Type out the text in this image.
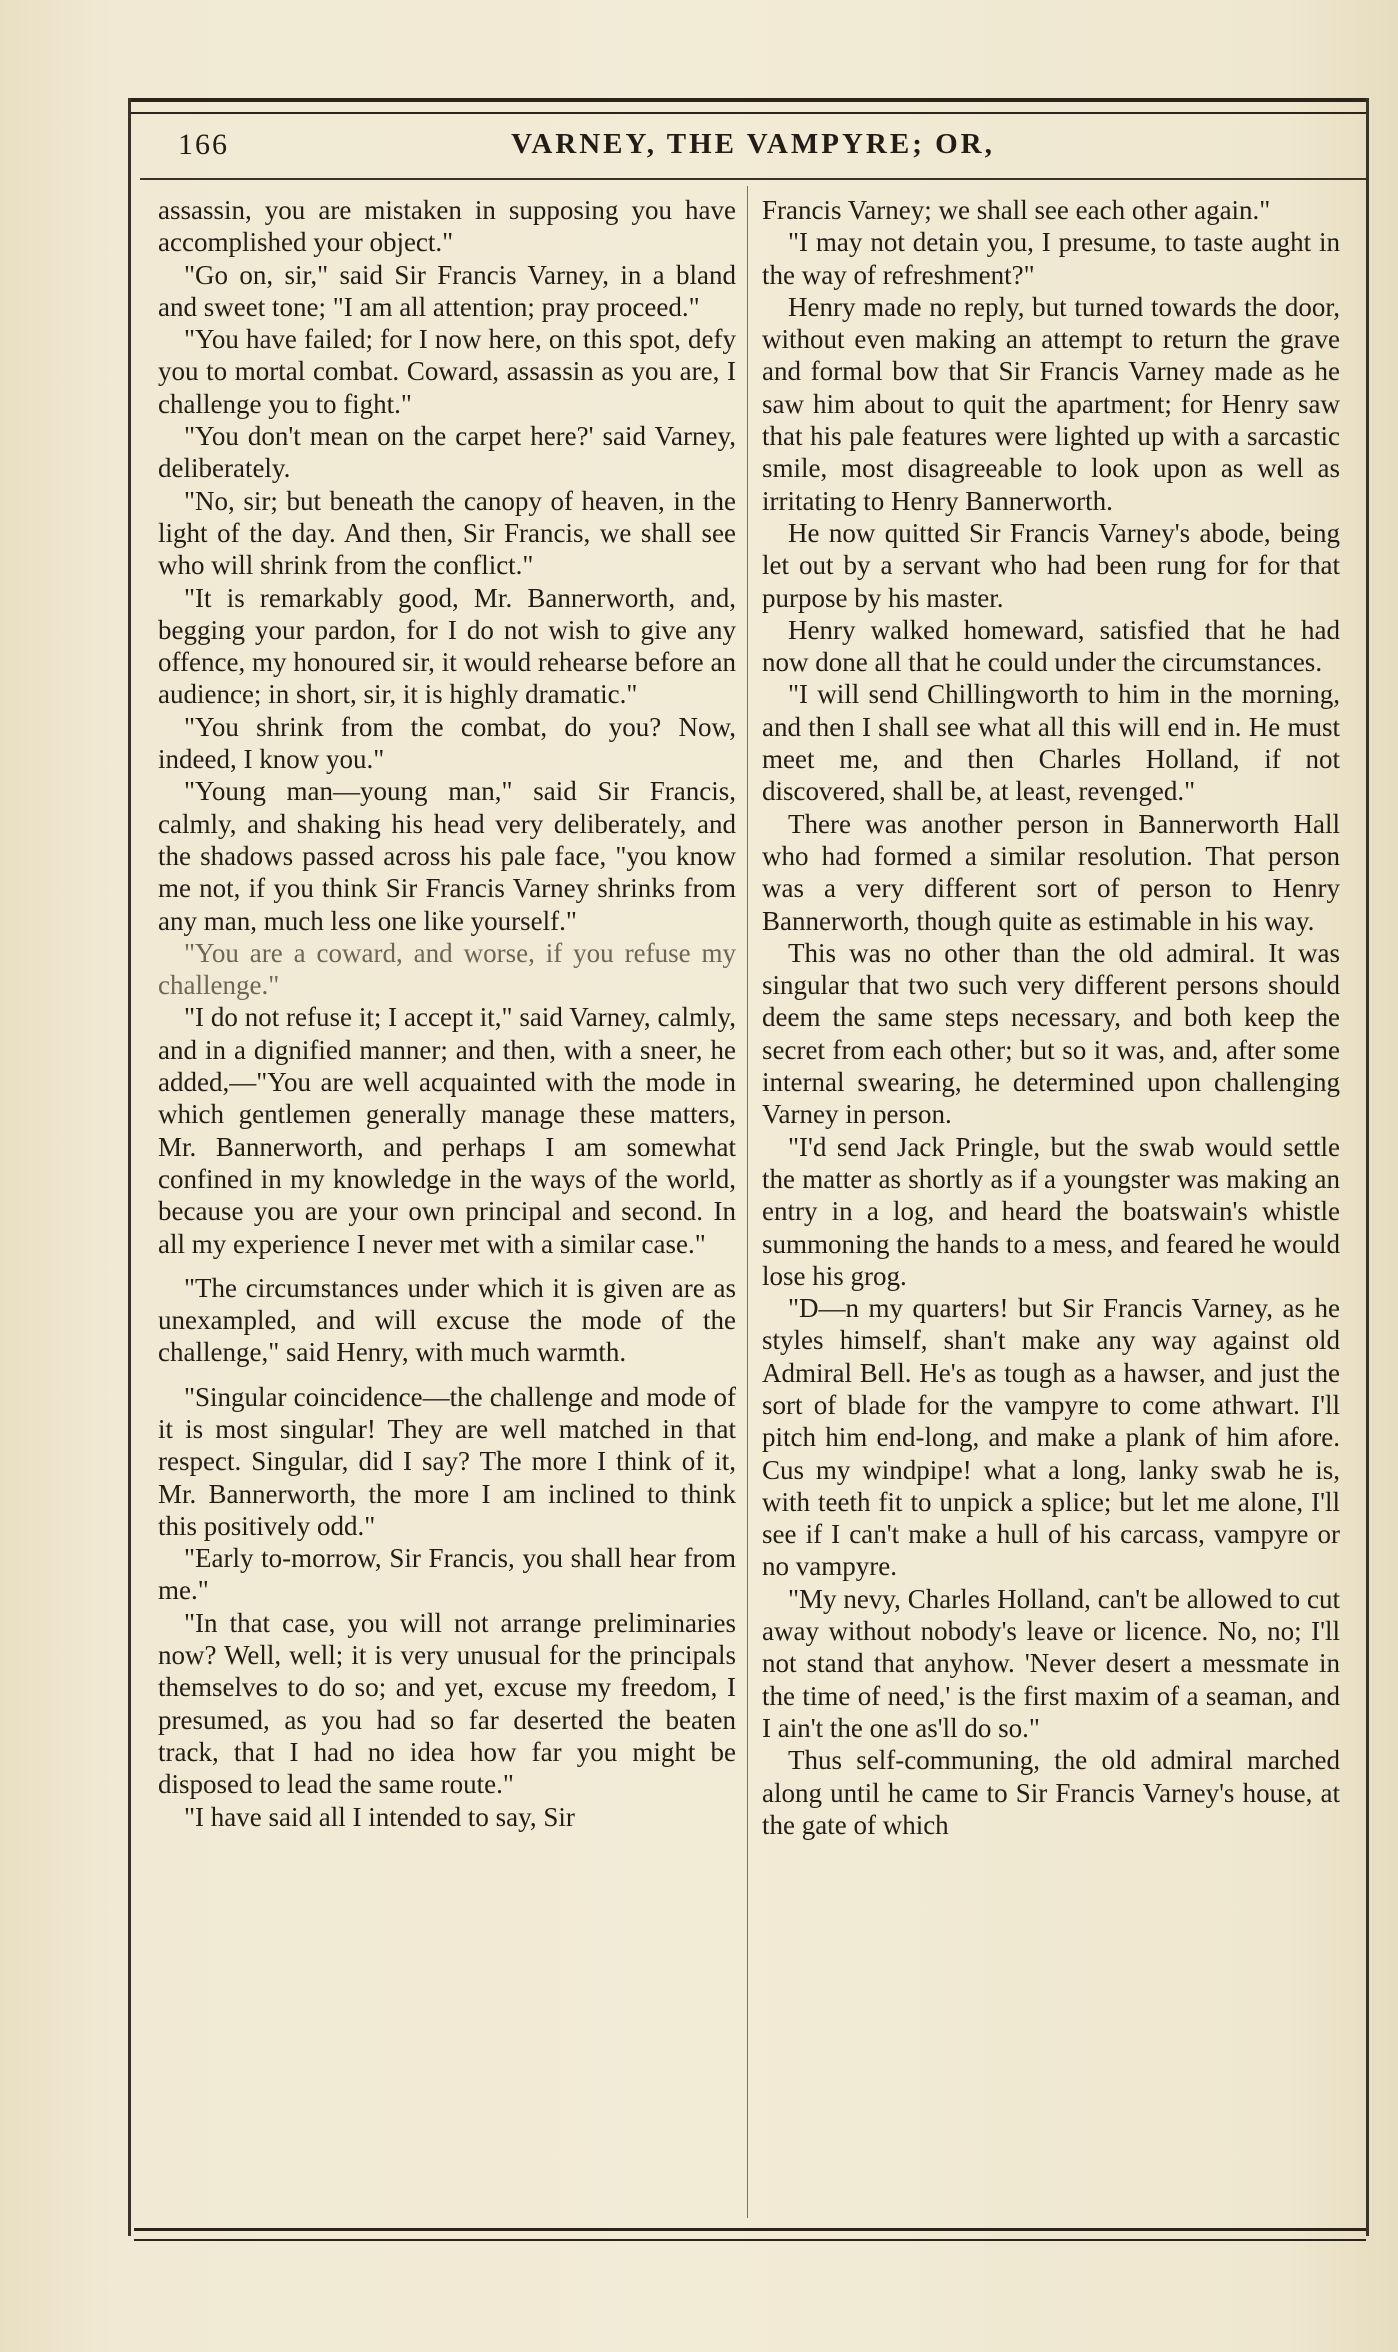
166	VARNEY, THE VAMPYRE; OR,

assassin, you are mistaken in supposing you have accomplished your object."

"Go on, sir," said Sir Francis Varney, in a bland and sweet tone; "I am all attention; pray proceed."

"You have failed; for I now here, on this spot, defy you to mortal combat. Coward, assassin as you are, I challenge you to fight."

"You don't mean on the carpet here?' said Varney, deliberately.

"No, sir; but beneath the canopy of heaven, in the light of the day. And then, Sir Francis, we shall see who will shrink from the conflict."

"It is remarkably good, Mr. Bannerworth, and, begging your pardon, for I do not wish to give any offence, my honoured sir, it would rehearse before an audience; in short, sir, it is highly dramatic."

"You shrink from the combat, do you? Now, indeed, I know you."

"Young man—young man," said Sir Francis, calmly, and shaking his head very deliberately, and the shadows passed across his pale face, "you know me not, if you think Sir Francis Varney shrinks from any man, much less one like yourself."

"You are a coward, and worse, if you refuse my challenge."

"I do not refuse it; I accept it," said Varney, calmly, and in a dignified manner; and then, with a sneer, he added,—"You are well acquainted with the mode in which gentlemen generally manage these matters, Mr. Bannerworth, and perhaps I am somewhat confined in my knowledge in the ways of the world, because you are your own principal and second. In all my experience I never met with a similar case."

"The circumstances under which it is given are as unexampled, and will excuse the mode of the challenge," said Henry, with much warmth.

"Singular coincidence—the challenge and mode of it is most singular! They are well matched in that respect. Singular, did I say? The more I think of it, Mr. Bannerworth, the more I am inclined to think this positively odd."

"Early to-morrow, Sir Francis, you shall hear from me."

"In that case, you will not arrange preliminaries now? Well, well; it is very unusual for the principals themselves to do so; and yet, excuse my freedom, I presumed, as you had so far deserted the beaten track, that I had no idea how far you might be disposed to lead the same route."

"I have said all I intended to say, Sir

Francis Varney; we shall see each other again."

"I may not detain you, I presume, to taste aught in the way of refreshment?"

Henry made no reply, but turned towards the door, without even making an attempt to return the grave and formal bow that Sir Francis Varney made as he saw him about to quit the apartment; for Henry saw that his pale features were lighted up with a sarcastic smile, most disagreeable to look upon as well as irritating to Henry Bannerworth.

He now quitted Sir Francis Varney's abode, being let out by a servant who had been rung for for that purpose by his master.

Henry walked homeward, satisfied that he had now done all that he could under the circumstances.

"I will send Chillingworth to him in the morning, and then I shall see what all this will end in. He must meet me, and then Charles Holland, if not discovered, shall be, at least, revenged."

There was another person in Bannerworth Hall who had formed a similar resolution. That person was a very different sort of person to Henry Bannerworth, though quite as estimable in his way.

This was no other than the old admiral. It was singular that two such very different persons should deem the same steps necessary, and both keep the secret from each other; but so it was, and, after some internal swearing, he determined upon challenging Varney in person.

"I'd send Jack Pringle, but the swab would settle the matter as shortly as if a youngster was making an entry in a log, and heard the boatswain's whistle summoning the hands to a mess, and feared he would lose his grog.

"D—n my quarters! but Sir Francis Varney, as he styles himself, shan't make any way against old Admiral Bell. He's as tough as a hawser, and just the sort of blade for the vampyre to come athwart. I'll pitch him end-long, and make a plank of him afore. Cus my windpipe! what a long, lanky swab he is, with teeth fit to unpick a splice; but let me alone, I'll see if I can't make a hull of his carcass, vampyre or no vampyre.

"My nevy, Charles Holland, can't be allowed to cut away without nobody's leave or licence. No, no; I'll not stand that anyhow. 'Never desert a messmate in the time of need,' is the first maxim of a seaman, and I ain't the one as'll do so."

Thus self-communing, the old admiral marched along until he came to Sir Francis Varney's house, at the gate of which
